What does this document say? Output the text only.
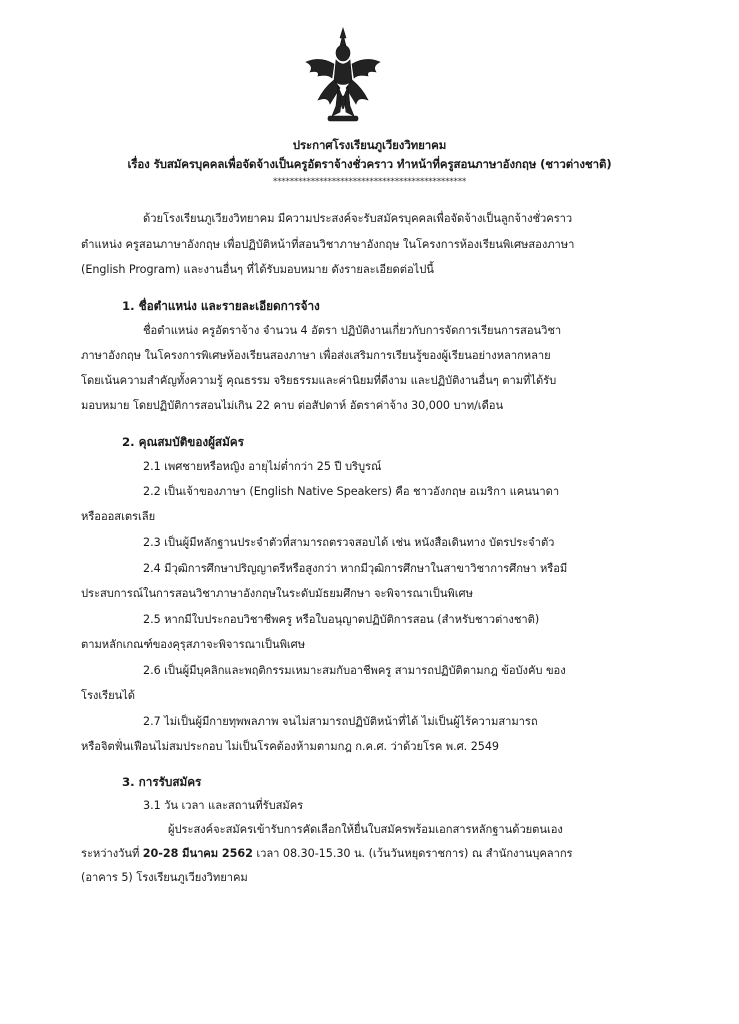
ประกาศโรงเรียนภูเวียงวิทยาคม
เรื่อง รับสมัครบุคคลเพื่อจัดจ้างเป็นครูอัตราจ้างชั่วคราว ทำหน้าที่ครูสอนภาษาอังกฤษ (ชาวต่างชาติ)
**********************************************
ด้วยโรงเรียนภูเวียงวิทยาคม มีความประสงค์จะรับสมัครบุคคลเพื่อจัดจ้างเป็นลูกจ้างชั่วคราว
ตำแหน่ง ครูสอนภาษาอังกฤษ เพื่อปฏิบัติหน้าที่สอนวิชาภาษาอังกฤษ ในโครงการห้องเรียนพิเศษสองภาษา
(English Program) และงานอื่นๆ ที่ได้รับมอบหมาย ดังรายละเอียดต่อไปนี้
1. ชื่อตำแหน่ง และรายละเอียดการจ้าง
ชื่อตำแหน่ง ครูอัตราจ้าง จำนวน 4 อัตรา ปฏิบัติงานเกี่ยวกับการจัดการเรียนการสอนวิชา
ภาษาอังกฤษ ในโครงการพิเศษห้องเรียนสองภาษา เพื่อส่งเสริมการเรียนรู้ของผู้เรียนอย่างหลากหลาย
โดยเน้นความสำคัญทั้งความรู้ คุณธรรม จริยธรรมและค่านิยมที่ดีงาม และปฏิบัติงานอื่นๆ ตามที่ได้รับ
มอบหมาย โดยปฏิบัติการสอนไม่เกิน 22 คาบ ต่อสัปดาห์ อัตราค่าจ้าง 30,000 บาท/เดือน
2. คุณสมบัติของผู้สมัคร
2.1 เพศชายหรือหญิง อายุไม่ต่ำกว่า 25 ปี บริบูรณ์
2.2 เป็นเจ้าของภาษา (English Native Speakers) คือ ชาวอังกฤษ อเมริกา แคนนาดา
หรือออสเตรเลีย
2.3 เป็นผู้มีหลักฐานประจำตัวที่สามารถตรวจสอบได้ เช่น หนังสือเดินทาง บัตรประจำตัว
2.4 มีวุฒิการศึกษาปริญญาตรีหรือสูงกว่า หากมีวุฒิการศึกษาในสาขาวิชาการศึกษา หรือมี
ประสบการณ์ในการสอนวิชาภาษาอังกฤษในระดับมัธยมศึกษา จะพิจารณาเป็นพิเศษ
2.5 หากมีใบประกอบวิชาชีพครู หรือใบอนุญาตปฏิบัติการสอน (สำหรับชาวต่างชาติ)
ตามหลักเกณฑ์ของคุรุสภาจะพิจารณาเป็นพิเศษ
2.6 เป็นผู้มีบุคลิกและพฤติกรรมเหมาะสมกับอาชีพครู สามารถปฏิบัติตามกฎ ข้อบังคับ ของ
โรงเรียนได้
2.7 ไม่เป็นผู้มีกายทุพพลภาพ จนไม่สามารถปฏิบัติหน้าที่ได้ ไม่เป็นผู้ไร้ความสามารถ
หรือจิตฟั่นเฟือนไม่สมประกอบ ไม่เป็นโรคต้องห้ามตามกฎ ก.ค.ศ. ว่าด้วยโรค พ.ศ. 2549
3. การรับสมัคร
3.1 วัน เวลา และสถานที่รับสมัคร
ผู้ประสงค์จะสมัครเข้ารับการคัดเลือกให้ยื่นใบสมัครพร้อมเอกสารหลักฐานด้วยตนเอง
ระหว่างวันที่ 20-28 มีนาคม 2562 เวลา 08.30-15.30 น. (เว้นวันหยุดราชการ) ณ สำนักงานบุคลากร
(อาคาร 5) โรงเรียนภูเวียงวิทยาคม
